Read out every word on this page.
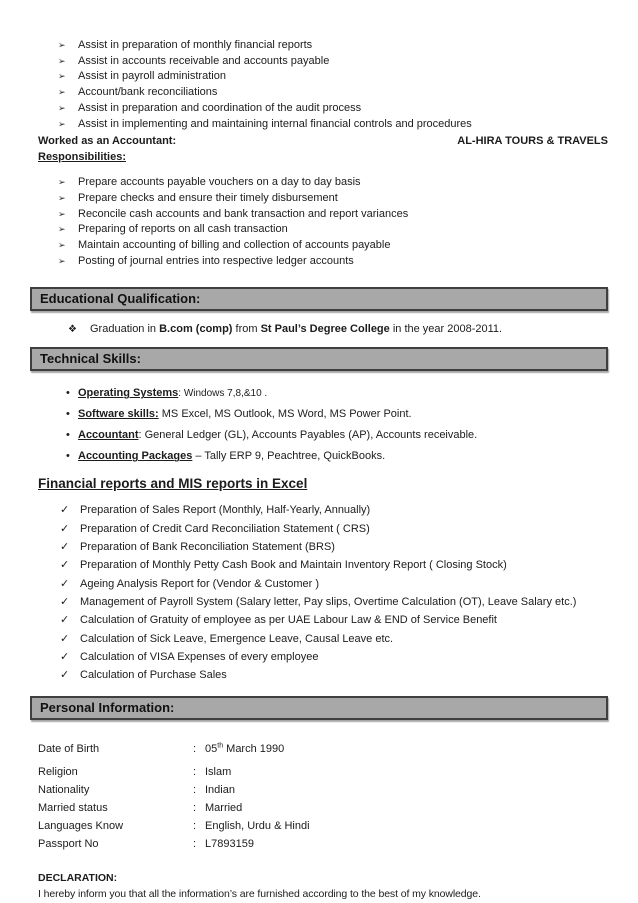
➢	Assist in preparation of monthly financial reports
➢	Assist in accounts receivable and accounts payable
➢	Assist in payroll administration
➢	Account/bank reconciliations
➢	Assist in preparation and coordination of the audit process
➢	Assist in implementing and maintaining internal financial controls and procedures
Worked as an Accountant:	AL-HIRA TOURS & TRAVELS
Responsibilities:
➢	Prepare accounts payable vouchers on a day to day basis
➢	Prepare checks and ensure their timely disbursement
➢	Reconcile cash accounts and bank transaction and report variances
➢	Preparing of reports on all cash transaction
➢	Maintain accounting of billing and collection of accounts payable
➢	Posting of journal entries into respective ledger accounts
Educational Qualification:
❖	Graduation in B.com (comp) from St Paul’s Degree College in the year 2008-2011.
Technical Skills:
• Operating Systems: Windows 7,8,&10 .
• Software skills: MS Excel, MS Outlook, MS Word, MS Power Point.
• Accountant: General Ledger (GL), Accounts Payables (AP), Accounts receivable.
• Accounting Packages – Tally ERP 9, Peachtree, QuickBooks.
Financial reports and MIS reports in Excel
✓ Preparation of Sales Report (Monthly, Half-Yearly, Annually)
✓ Preparation of Credit Card Reconciliation Statement ( CRS)
✓ Preparation of Bank Reconciliation Statement (BRS)
✓ Preparation of Monthly Petty Cash Book and Maintain Inventory Report ( Closing Stock)
✓ Ageing Analysis Report for (Vendor & Customer )
✓ Management of Payroll System (Salary letter, Pay slips, Overtime Calculation (OT), Leave Salary etc.)
✓ Calculation of Gratuity of employee as per UAE Labour Law & END of Service Benefit
✓ Calculation of Sick Leave, Emergence Leave, Causal Leave etc.
✓ Calculation of VISA Expenses of every employee
✓ Calculation of Purchase Sales
Personal Information:
Date of Birth	: 05th March 1990
Religion	: Islam
Nationality	: Indian
Married status	: Married
Languages Know	: English, Urdu & Hindi
Passport No	: L7893159
DECLARATION:
I hereby inform you that all the information’s are furnished according to the best of my knowledge.
